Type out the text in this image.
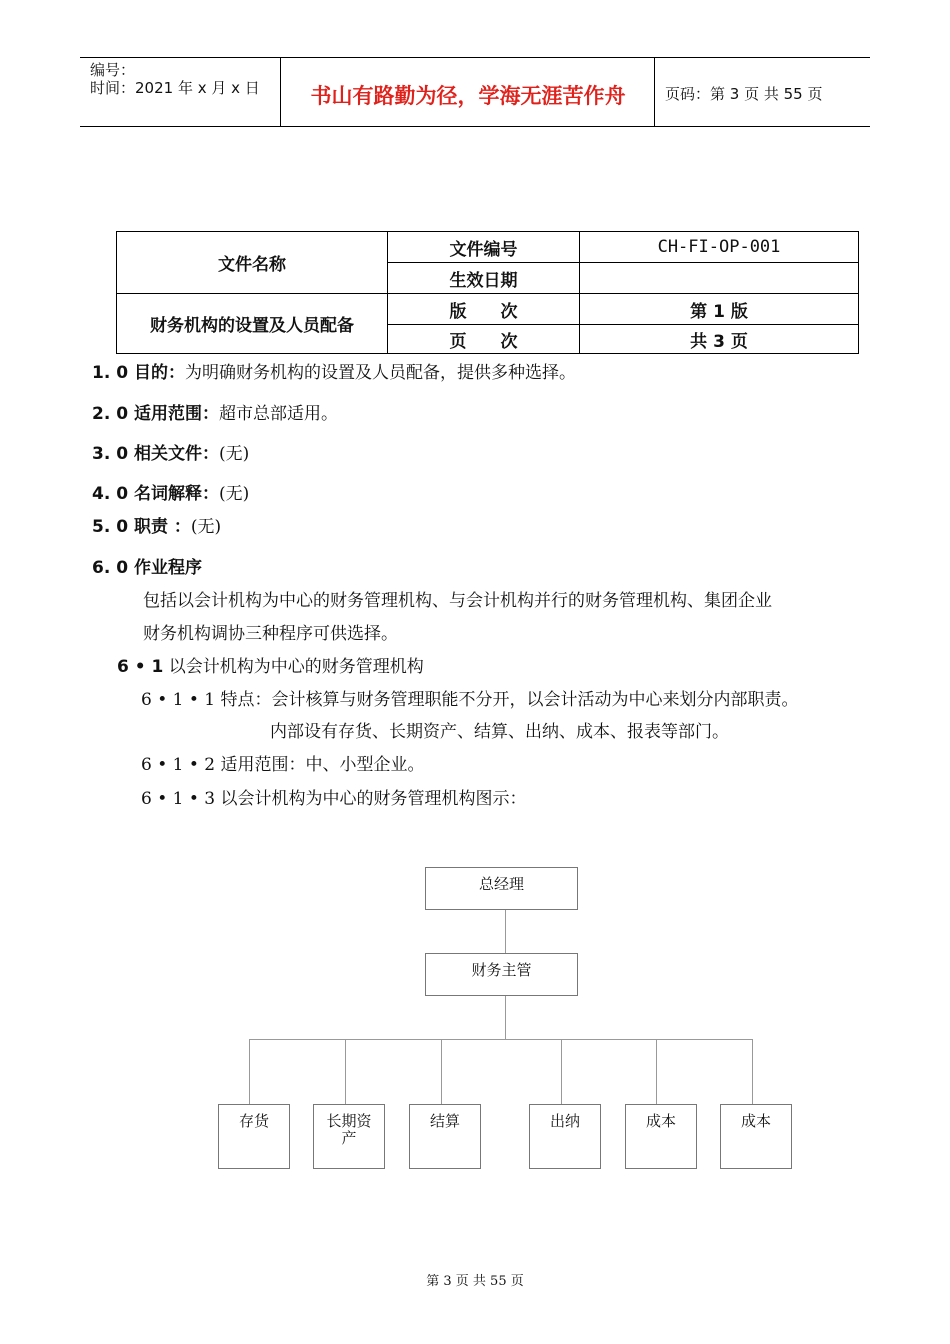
编号：
时间：2021 年 x 月 x 日	书山有路勤为径，学海无涯苦作舟	页码：第 3 页 共 55 页
文件名称	文件编号	CH-FI-OP-001
	生效日期	
财务机构的设置及人员配备	版　　次	第 1 版
	页　　次	共 3 页
1. 0 目的：为明确财务机构的设置及人员配备，提供多种选择。
2. 0 适用范围：超市总部适用。
3. 0 相关文件：(无)
4. 0 名词解释：(无)
5. 0 职责 ：(无)
6. 0 作业程序
包括以会计机构为中心的财务管理机构、与会计机构并行的财务管理机构、集团企业
财务机构调协三种程序可供选择。
6 • 1 以会计机构为中心的财务管理机构
6 • 1 • 1 特点：会计核算与财务管理职能不分开，以会计活动为中心来划分内部职责。
内部设有存货、长期资产、结算、出纳、成本、报表等部门。
6 • 1 • 2 适用范围：中、小型企业。
6 • 1 • 3 以会计机构为中心的财务管理机构图示：
总经理
财务主管
存货	长期资
产
结算	出纳	成本	成本
第 3 页 共 55 页
